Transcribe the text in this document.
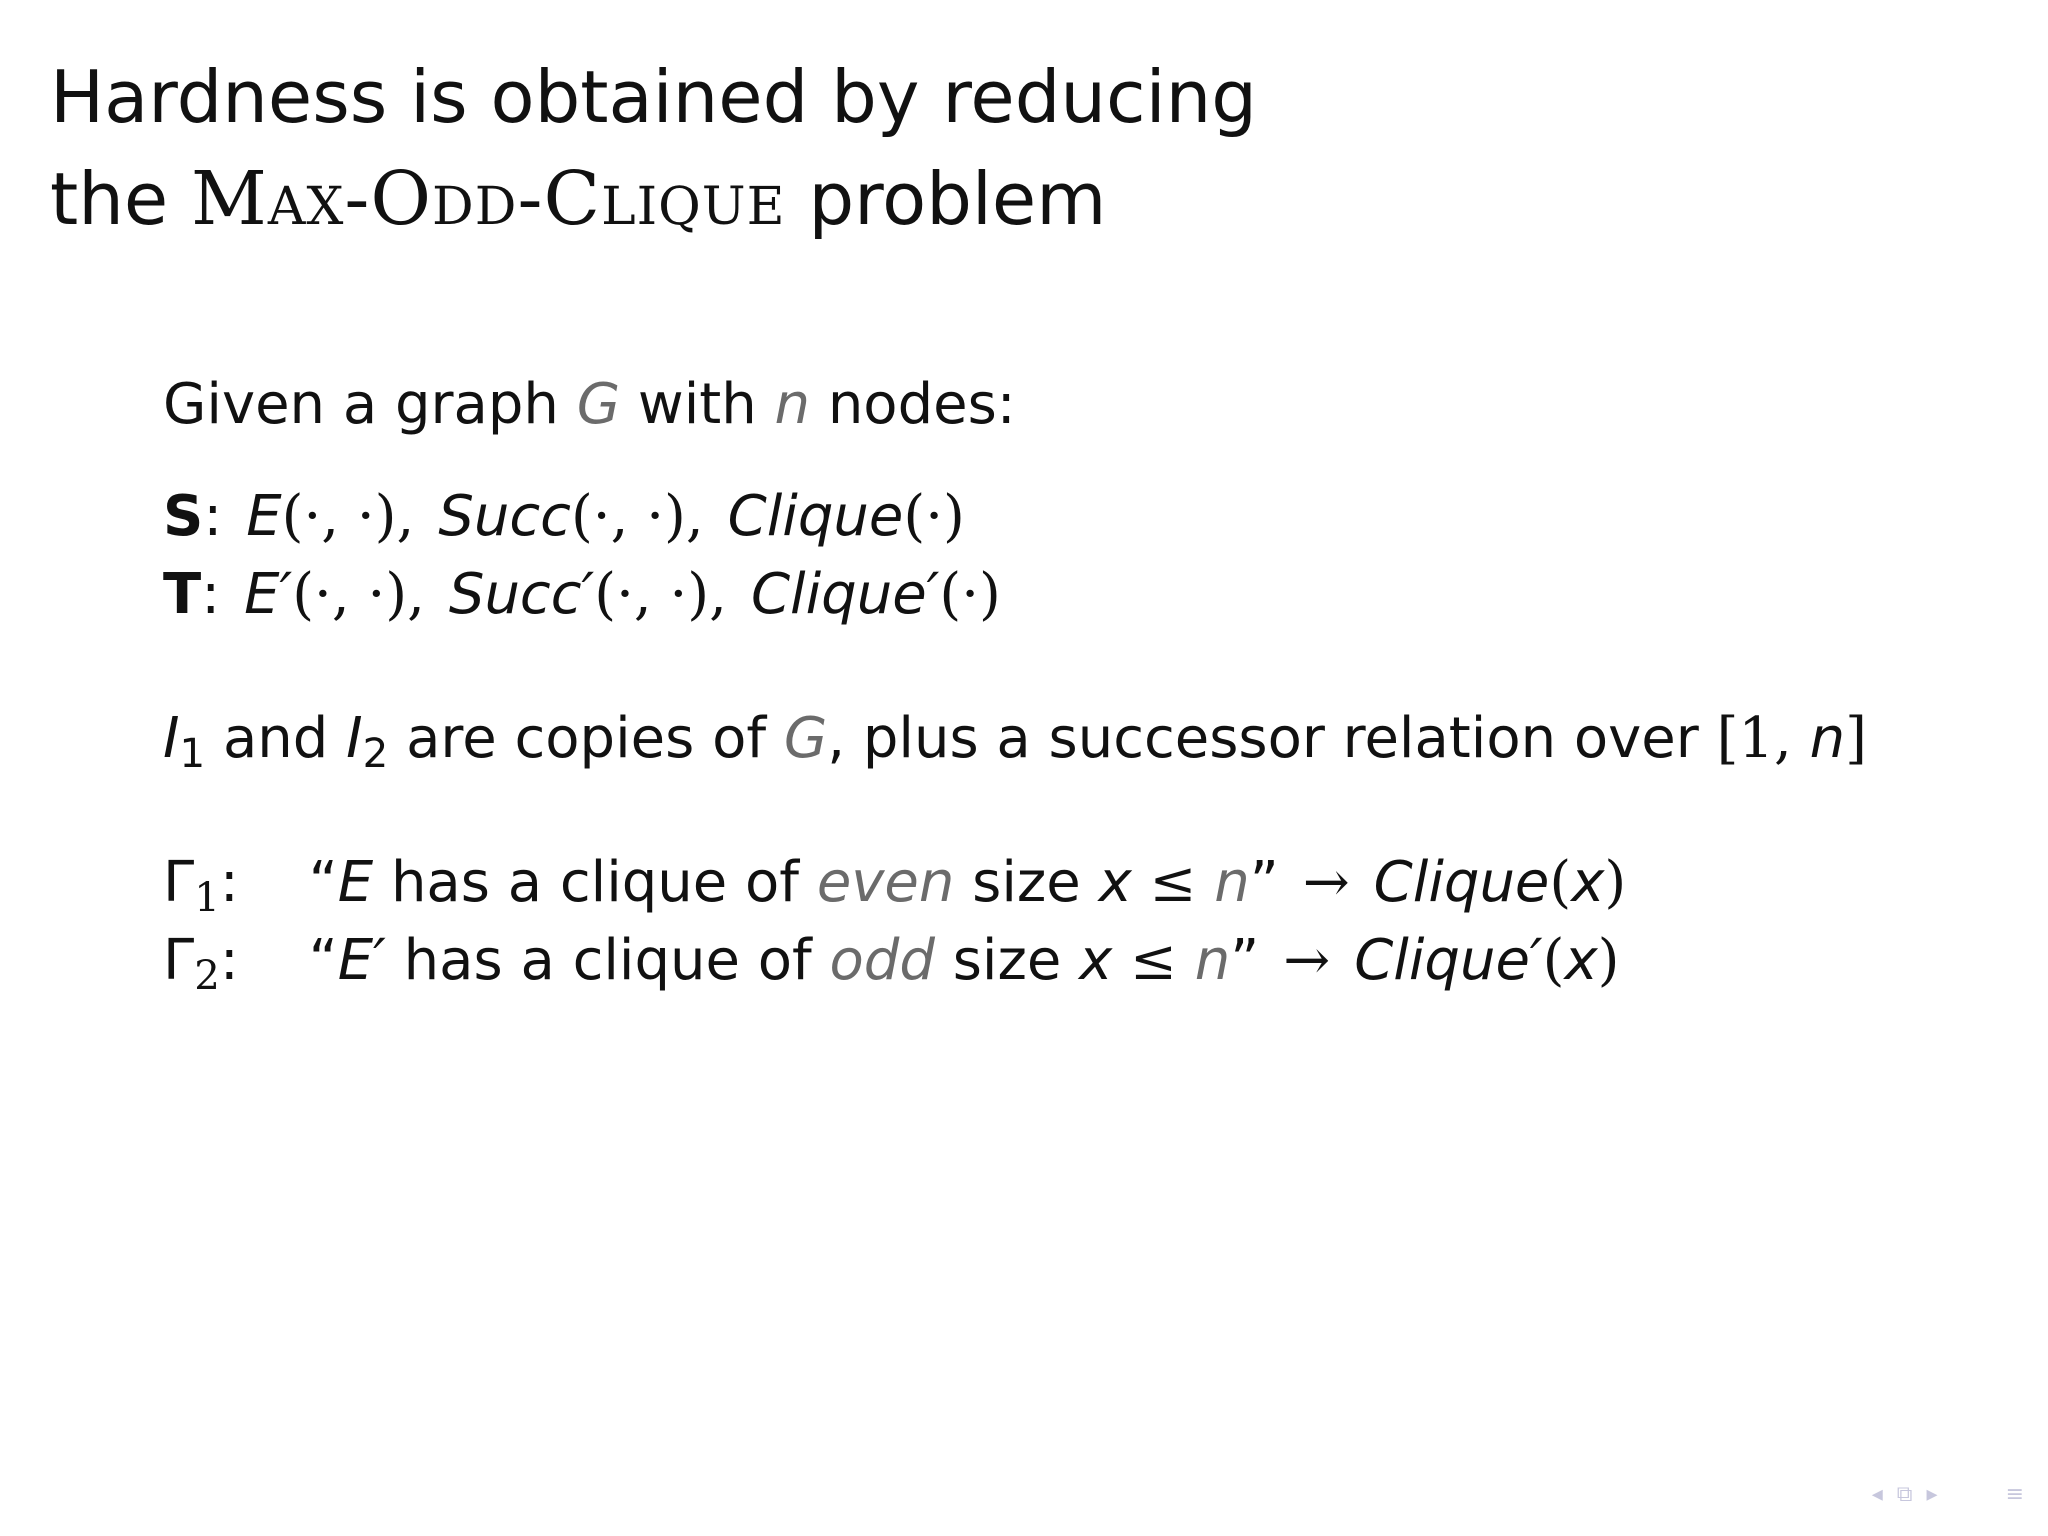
Hardness is obtained by reducing
the Max-Odd-Clique problem
Given a graph G with n nodes:
S: E(·, ·), Succ(·, ·), Clique(·)
T: E′(·, ·), Succ′(·, ·), Clique′(·)
$I_1$ and $I_2$ are copies of G, plus a successor relation over [1, n]
$\Gamma_1$: “E has a clique of even size x ≤ n” → Clique(x)
$\Gamma_2$: “E′ has a clique of odd size x ≤ n” → Clique′(x)
◂ ⧉ ▸	≡
